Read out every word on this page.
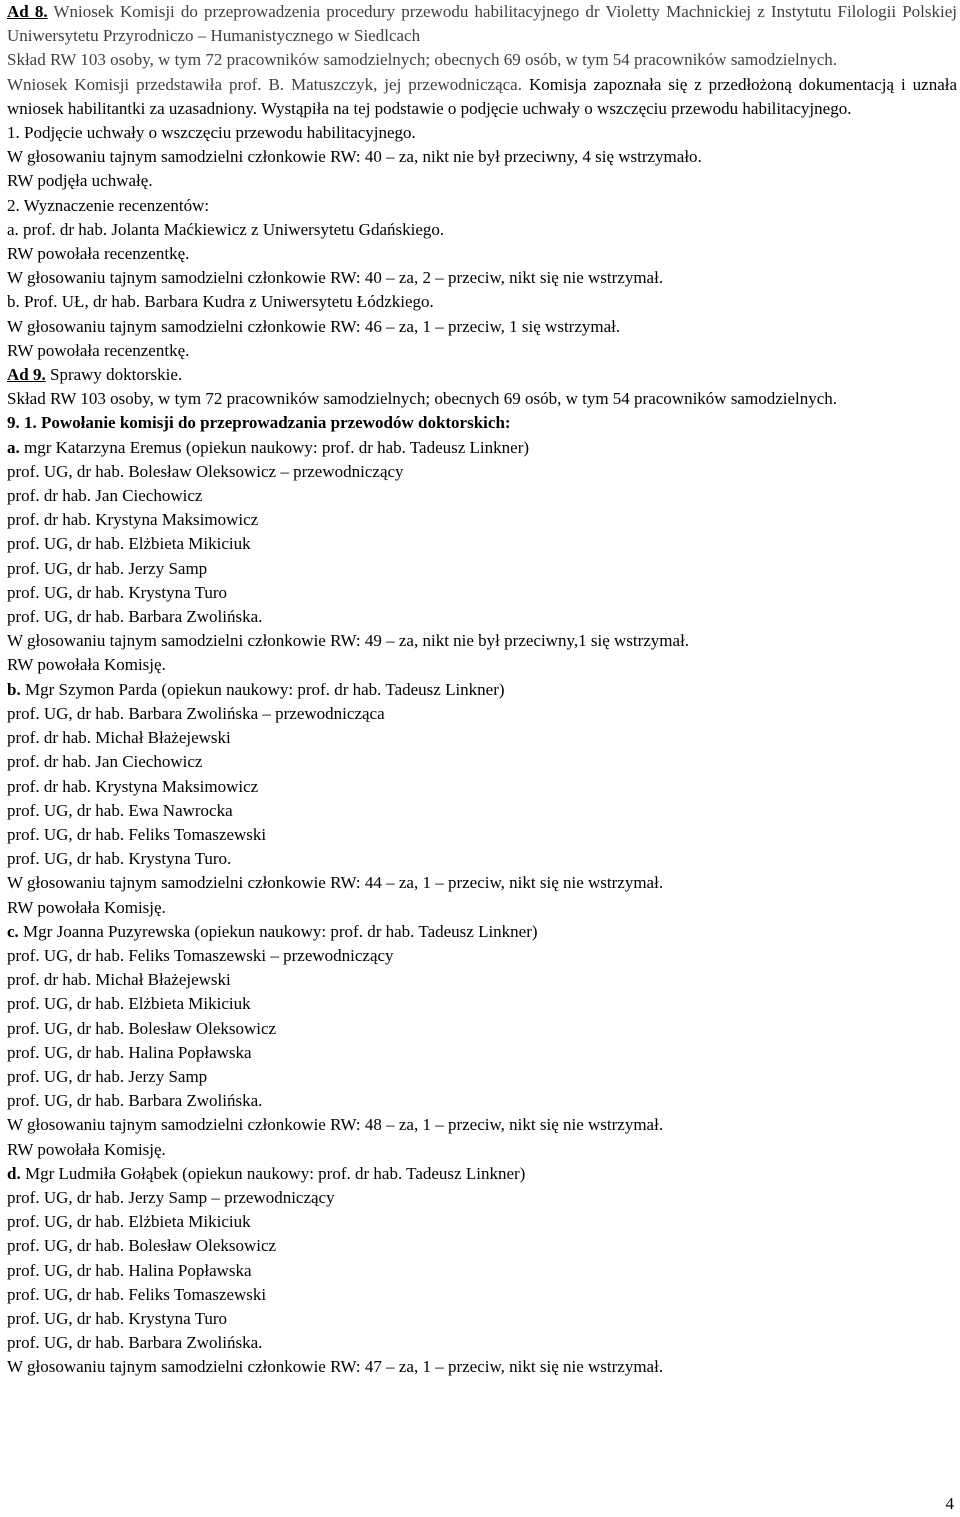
Ad 8. Wniosek Komisji do przeprowadzenia procedury przewodu habilitacyjnego dr Violetty Machnickiej z Instytutu Filologii Polskiej Uniwersytetu Przyrodniczo – Humanistycznego w Siedlcach

Skład RW 103 osoby, w tym 72 pracowników samodzielnych; obecnych 69 osób, w tym 54 pracowników samodzielnych.

Wniosek Komisji przedstawiła prof. B. Matuszczyk, jej przewodnicząca. Komisja zapoznała się z przedłożoną dokumentacją i uznała wniosek habilitantki za uzasadniony. Wystąpiła na tej podstawie o podjęcie uchwały o wszczęciu przewodu habilitacyjnego.

1. Podjęcie uchwały o wszczęciu przewodu habilitacyjnego.

W głosowaniu tajnym samodzielni członkowie RW: 40 – za, nikt nie był przeciwny, 4 się wstrzymało.

RW podjęła uchwałę.

2. Wyznaczenie recenzentów:

a. prof. dr hab. Jolanta Maćkiewicz z Uniwersytetu Gdańskiego.

RW powołała recenzentkę.

W głosowaniu tajnym samodzielni członkowie RW: 40 – za, 2 – przeciw, nikt się nie wstrzymał.

b. Prof. UŁ, dr hab. Barbara Kudra z Uniwersytetu Łódzkiego.

W głosowaniu tajnym samodzielni członkowie RW: 46 – za, 1 – przeciw, 1 się wstrzymał.

RW powołała recenzentkę.

Ad 9. Sprawy doktorskie.

Skład RW 103 osoby, w tym 72 pracowników samodzielnych; obecnych 69 osób, w tym 54 pracowników samodzielnych.

9. 1. Powołanie komisji do przeprowadzania przewodów doktorskich:

a. mgr Katarzyna Eremus (opiekun naukowy: prof. dr hab. Tadeusz Linkner)

prof. UG, dr hab. Bolesław Oleksowicz – przewodniczący

prof. dr hab. Jan Ciechowicz

prof. dr hab. Krystyna Maksimowicz

prof. UG, dr hab. Elżbieta Mikiciuk

prof. UG, dr hab. Jerzy Samp

prof. UG, dr hab. Krystyna Turo

prof. UG, dr hab. Barbara Zwolińska.

W głosowaniu tajnym samodzielni członkowie RW: 49 – za, nikt nie był przeciwny,1 się wstrzymał.

RW powołała Komisję.

b. Mgr Szymon Parda (opiekun naukowy: prof. dr hab. Tadeusz Linkner)

prof. UG, dr hab. Barbara Zwolińska – przewodnicząca

prof. dr hab. Michał Błażejewski

prof. dr hab. Jan Ciechowicz

prof. dr hab. Krystyna Maksimowicz

prof. UG, dr hab. Ewa Nawrocka

prof. UG, dr hab. Feliks Tomaszewski

prof. UG, dr hab. Krystyna Turo.

W głosowaniu tajnym samodzielni członkowie RW: 44 – za, 1 – przeciw, nikt się nie wstrzymał.

RW powołała Komisję.

c. Mgr Joanna Puzyrewska (opiekun naukowy: prof. dr hab. Tadeusz Linkner)

prof. UG, dr hab. Feliks Tomaszewski – przewodniczący

prof. dr hab. Michał Błażejewski

prof. UG, dr hab. Elżbieta Mikiciuk

prof. UG, dr hab. Bolesław Oleksowicz

prof. UG, dr hab. Halina Popławska

prof. UG, dr hab. Jerzy Samp

prof. UG, dr hab. Barbara Zwolińska.

W głosowaniu tajnym samodzielni członkowie RW: 48 – za, 1 – przeciw, nikt się nie wstrzymał.

RW powołała Komisję.

d. Mgr Ludmiła Gołąbek (opiekun naukowy: prof. dr hab. Tadeusz Linkner)

prof. UG, dr hab. Jerzy Samp – przewodniczący

prof. UG, dr hab. Elżbieta Mikiciuk

prof. UG, dr hab. Bolesław Oleksowicz

prof. UG, dr hab. Halina Popławska

prof. UG, dr hab. Feliks Tomaszewski

prof. UG, dr hab. Krystyna Turo

prof. UG, dr hab. Barbara Zwolińska.

W głosowaniu tajnym samodzielni członkowie RW: 47 – za, 1 – przeciw, nikt się nie wstrzymał.

4
